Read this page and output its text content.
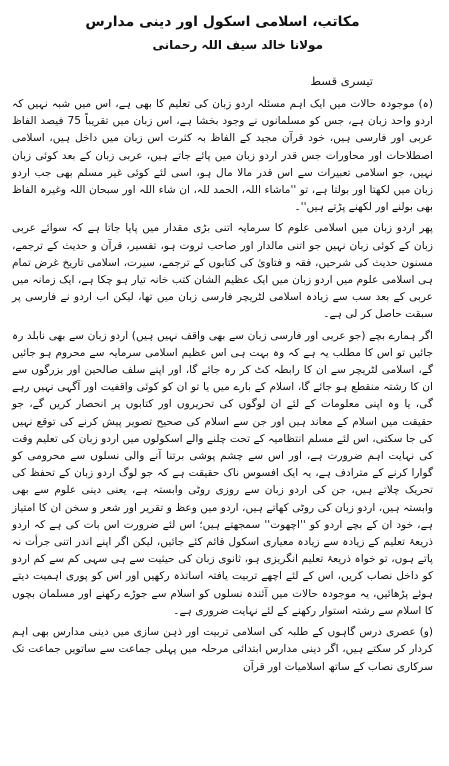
مکاتب، اسلامی اسکول اور دینی مدارس
مولانا خالد سیف اللہ رحمانی
تیسری قسط

(ہ) موجودہ حالات میں ایک اہم مسئلہ اردو زبان کی تعلیم کا بھی ہے، اس میں شبہ نہیں کہ اردو واحد زبان ہے، جس کو مسلمانوں نے وجود بخشا ہے، اس زبان میں تقریباً 75 فیصد الفاظ عربی اور فارسی ہیں، خود قرآن مجید کے الفاظ بہ کثرت اس زبان میں داخل ہیں، اسلامی اصطلاحات اور محاورات جس قدر اردو زبان میں پائے جاتے ہیں، عربی زبان کے بعد کوئی زبان نہیں، جو اسلامی تعبیرات سے اس قدر مالا مال ہو، اسی لئے کوئی غیر مسلم بھی جب اردو زبان میں لکھتا اور بولتا ہے، تو ''ماشاء اللہ، الحمد للہ، ان شاء اللہ اور سبحان اللہ وغیرہ الفاظ بھی بولنے اور لکھنے پڑتے ہیں''۔

پھر اردو زبان میں اسلامی علوم کا سرمایہ اتنی بڑی مقدار میں پایا جاتا ہے کہ سوائے عربی زبان کے کوئی زبان نہیں جو اتنی مالدار اور صاحب ثروت ہو، تفسیر، قرآن و حدیث کے ترجمے، مسنون حدیث کی شرحیں، فقہ و فتاویٰ کی کتابوں کے ترجمے، سیرت، اسلامی تاریخ غرض تمام ہی اسلامی علوم میں اردو زبان میں ایک عظیم الشان کتب خانہ تیار ہو چکا ہے، ایک زمانہ میں عربی کے بعد سب سے زیادہ اسلامی لٹریچر فارسی زبان میں تھا، لیکن اب اردو نے فارسی پر سبقت حاصل کر لی ہے۔

اگر ہمارے بچے (جو عربی اور فارسی زبان سے بھی واقف نہیں ہیں) اردو زبان سے بھی نابلد رہ جائیں تو اس کا مطلب یہ ہے کہ وہ بہت ہی اس عظیم اسلامی سرمایہ سے محروم ہو جائیں گے، اسلامی لٹریچر سے ان کا رابطہ کٹ کر رہ جائے گا، اور اپنے سلف صالحین اور بزرگوں سے ان کا رشتہ منقطع ہو جائے گا، اسلام کے بارے میں یا تو ان کو کوئی واقفیت اور آگہی نہیں رہے گی، یا وہ اپنی معلومات کے لئے ان لوگوں کی تحریروں اور کتابوں پر انحصار کریں گے، جو حقیقت میں اسلام کے معاند ہیں اور جن سے اسلام کی صحیح تصویر پیش کرنے کی توقع نہیں کی جا سکتی، اس لئے مسلم انتظامیہ کے تحت چلنے والے اسکولوں میں اردو زبان کی تعلیم وقت کی نہایت اہم ضرورت ہے، اور اس سے چشم پوشی برتنا آنے والی نسلوں سے محرومی کو گوارا کرنے کے مترادف ہے، یہ ایک افسوس ناک حقیقت ہے کہ جو لوگ اردو زبان کے تحفظ کی تحریک چلاتے ہیں، جن کی اردو زبان سے روزی روٹی وابستہ ہے، یعنی دینی علوم سے بھی وابستہ ہیں، اردو زبان کی روٹی کھاتے ہیں، اردو میں وعظ و تقریر اور شعر و سخن ان کا امتیاز ہے، خود ان کے بچے اردو کو ''اچھوت'' سمجھتے ہیں؛ اس لئے ضرورت اس بات کی ہے کہ اردو ذریعۂ تعلیم کے زیادہ سے زیادہ معیاری اسکول قائم کئے جائیں، لیکن اگر اپنے اندر اتنی جرأت نہ پاتے ہوں، تو خواہ ذریعۂ تعلیم انگریزی ہو، ثانوی زبان کی حیثیت سے ہی سہی کم سے کم اردو کو داخل نصاب کریں، اس کے لئے اچھے تربیت یافتہ اساتذہ رکھیں اور اس کو پوری اہمیت دیتے ہوئے پڑھائیں، یہ موجودہ حالات میں آئندہ نسلوں کو اسلام سے جوڑے رکھنے اور مسلمان بچوں کا اسلام سے رشتہ استوار رکھنے کے لئے نہایت ضروری ہے۔

(و) عصری درس گاہوں کے طلبہ کی اسلامی تربیت اور ذہن سازی میں دینی مدارس بھی اہم کردار کر سکتے ہیں، اگر دینی مدارس ابتدائی مرحلہ میں پہلی جماعت سے ساتویں جماعت تک سرکاری نصاب کے ساتھ اسلامیات اور قرآن
